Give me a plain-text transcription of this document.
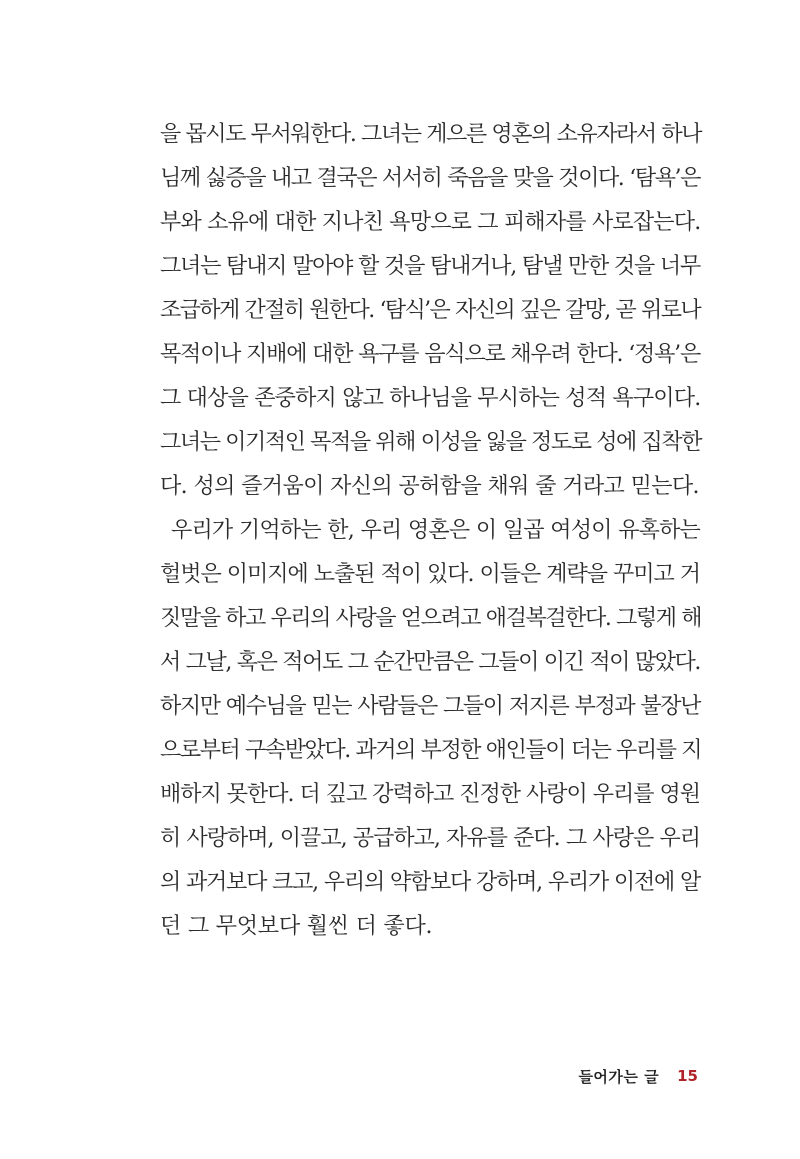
을 몹시도 무서워한다. 그녀는 게으른 영혼의 소유자라서 하나
님께 싫증을 내고 결국은 서서히 죽음을 맞을 것이다. ‘탐욕’은
부와 소유에 대한 지나친 욕망으로 그 피해자를 사로잡는다.
그녀는 탐내지 말아야 할 것을 탐내거나, 탐낼 만한 것을 너무
조급하게 간절히 원한다. ‘탐식’은 자신의 깊은 갈망, 곧 위로나
목적이나 지배에 대한 욕구를 음식으로 채우려 한다. ‘정욕’은
그 대상을 존중하지 않고 하나님을 무시하는 성적 욕구이다.
그녀는 이기적인 목적을 위해 이성을 잃을 정도로 성에 집착한
다. 성의 즐거움이 자신의 공허함을 채워 줄 거라고 믿는다.
우리가 기억하는 한, 우리 영혼은 이 일곱 여성이 유혹하는
헐벗은 이미지에 노출된 적이 있다. 이들은 계략을 꾸미고 거
짓말을 하고 우리의 사랑을 얻으려고 애걸복걸한다. 그렇게 해
서 그날, 혹은 적어도 그 순간만큼은 그들이 이긴 적이 많았다.
하지만 예수님을 믿는 사람들은 그들이 저지른 부정과 불장난
으로부터 구속받았다. 과거의 부정한 애인들이 더는 우리를 지
배하지 못한다. 더 깊고 강력하고 진정한 사랑이 우리를 영원
히 사랑하며, 이끌고, 공급하고, 자유를 준다. 그 사랑은 우리
의 과거보다 크고, 우리의 약함보다 강하며, 우리가 이전에 알
던 그 무엇보다 훨씬 더 좋다.
들어가는 글 15
